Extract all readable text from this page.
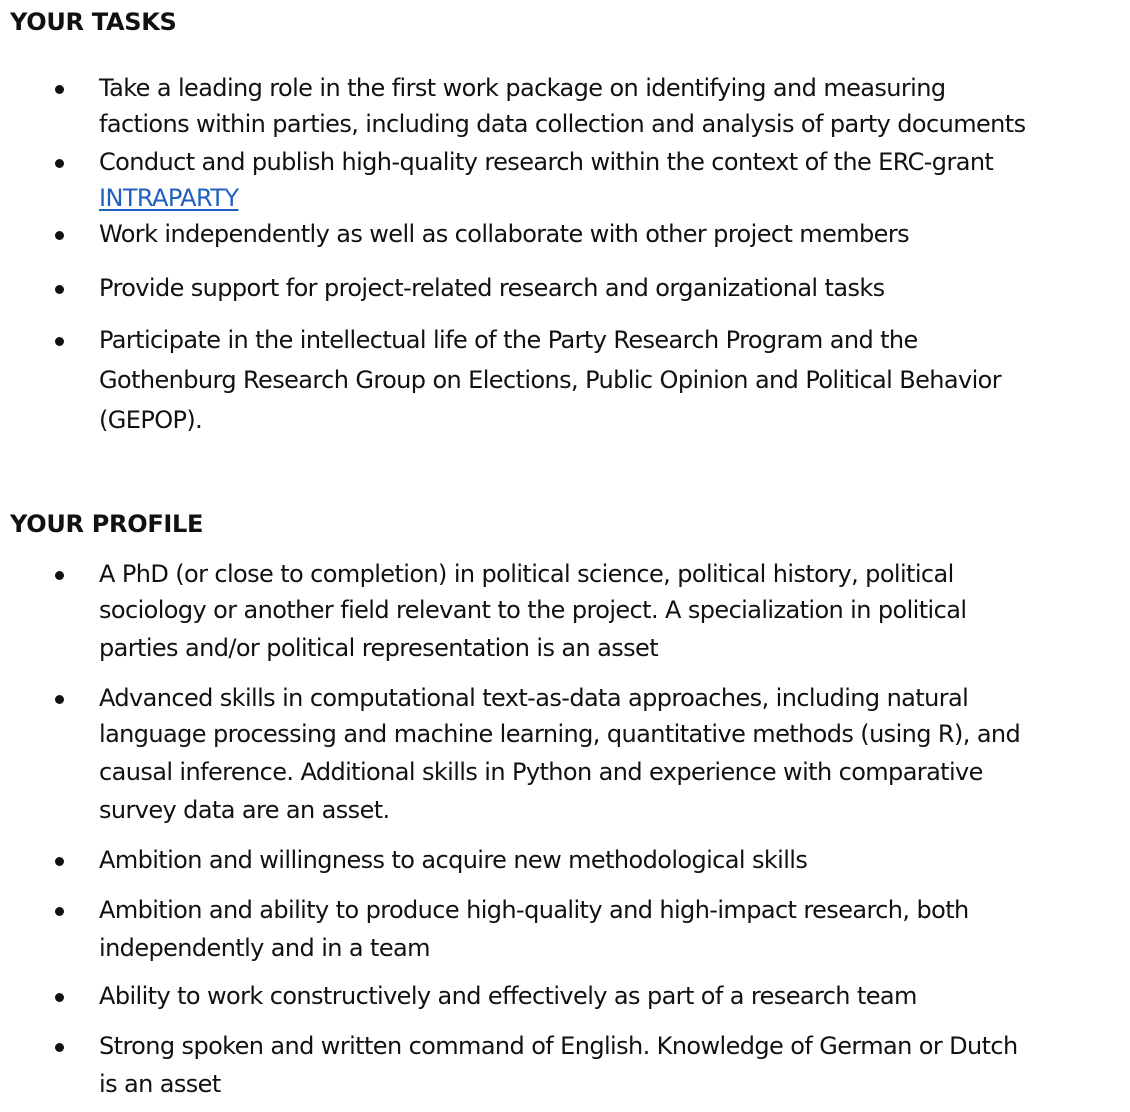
YOUR TASKS
Take a leading role in the first work package on identifying and measuring
factions within parties, including data collection and analysis of party documents
Conduct and publish high-quality research within the context of the ERC-grant
INTRAPARTY
Work independently as well as collaborate with other project members
Provide support for project-related research and organizational tasks
Participate in the intellectual life of the Party Research Program and the
Gothenburg Research Group on Elections, Public Opinion and Political Behavior
(GEPOP).
YOUR PROFILE
A PhD (or close to completion) in political science, political history, political
sociology or another field relevant to the project. A specialization in political
parties and/or political representation is an asset
Advanced skills in computational text-as-data approaches, including natural
language processing and machine learning, quantitative methods (using R), and
causal inference. Additional skills in Python and experience with comparative
survey data are an asset.
Ambition and willingness to acquire new methodological skills
Ambition and ability to produce high-quality and high-impact research, both
independently and in a team
Ability to work constructively and effectively as part of a research team
Strong spoken and written command of English. Knowledge of German or Dutch
is an asset
